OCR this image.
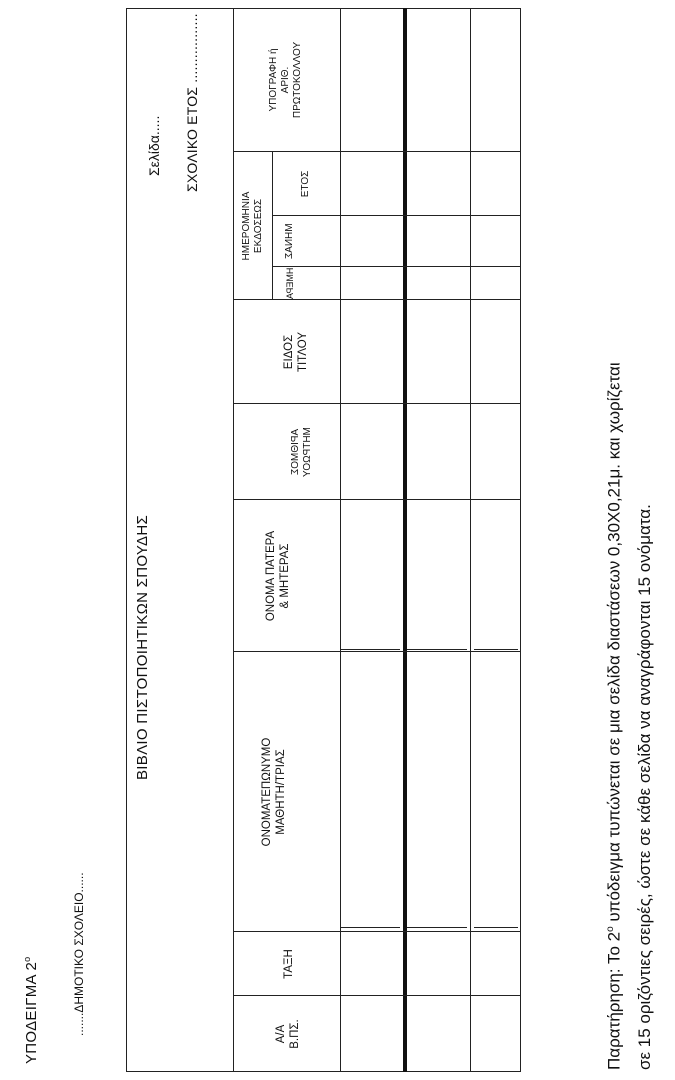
ΥΠΟΔΕΙΓΜΑ $2^o$	.......ΔΗΜΟΤΙΚΟ ΣΧΟΛΕΙΟ......
ΒΙΒΛΙΟ ΠΙΣΤΟΠΟΙΗΤΙΚΩΝ ΣΠΟΥΔΗΣ
Σελίδα..... ΣΧΟΛΙΚΟ ΕΤΟΣ .................
Α/Α Β.ΠΣ.
ΤΑΞΗ
ΟΝΟΜΑΤΕΠΩΝΥΜΟ ΜΑΘΗΤΗ/ΤΡΙΑΣ
ΟΝΟΜΑ ΠΑΤΕΡΑ & ΜΗΤΕΡΑΣ
ΑΡΙΘΜΟΣ
ΜΗΤΡΩΟΥ
ΕΙΔΟΣ ΤΙΤΛΟΥ
ΗΜΕΡΟΜΗΝΙΑ ΕΚΔΟΣΕΩΣ
ΗΜΕΡΑ
ΜΗΝΑΣ
ΕΤΟΣ
ΥΠΟΓΡΑΦΗ ή ΑΡΙΘ. ΠΡΩΤΟΚΟΛΛΟΥ
Παρατήρηση: Το $2^o$ υπόδειγμα τυπώνεται σε μια σελίδα διαστάσεων 0,30Χ0,21μ. και χωρίζεται σε 15 οριζόντιες σειρές, ώστε σε κάθε σελίδα να αναγράφονται 15 ονόματα.
